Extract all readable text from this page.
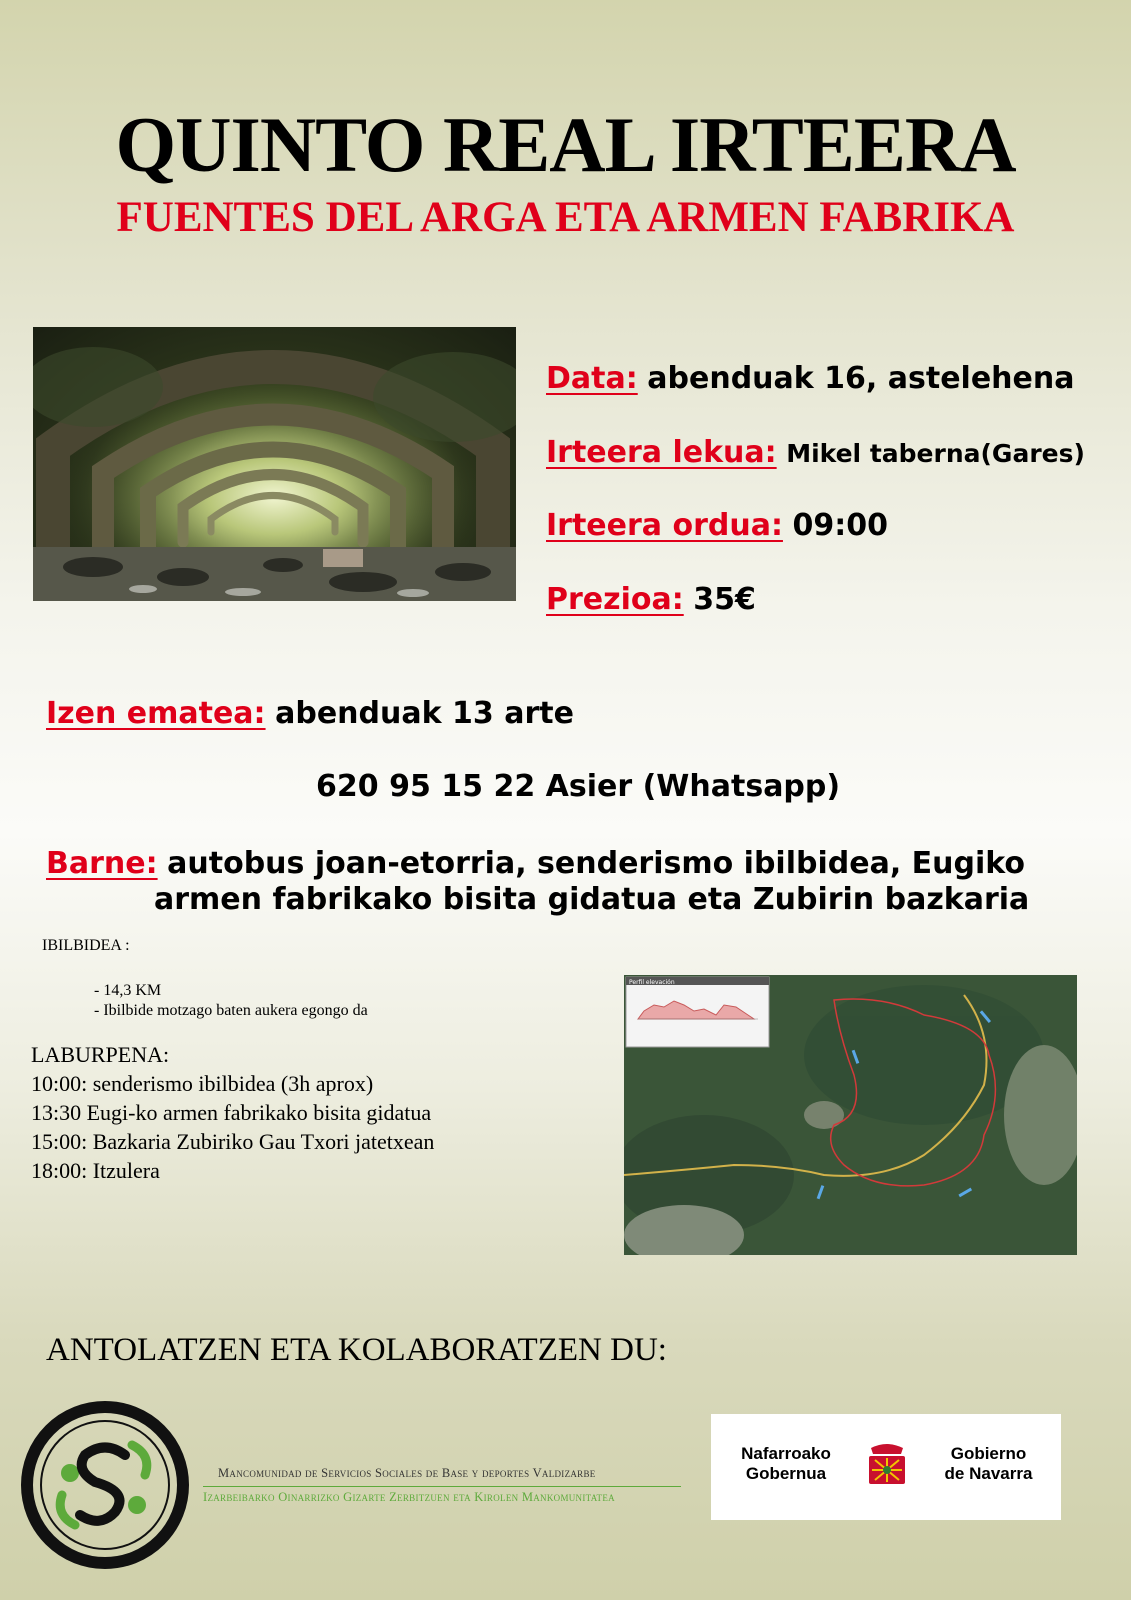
QUINTO REAL IRTEERA
FUENTES DEL ARGA ETA ARMEN FABRIKA
Data: abenduak 16, astelehena
Irteera lekua: Mikel taberna(Gares)
Irteera ordua: 09:00
Prezioa: 35€
Izen ematea: abenduak 13 arte
620 95 15 22 Asier (Whatsapp)
Barne: autobus joan-etorria, senderismo ibilbidea, Eugiko
armen fabrikako bisita gidatua eta Zubirin bazkaria
IBILBIDEA :
- 14,3 KM
- Ibilbide motzago baten aukera egongo da
LABURPENA:
10:00: senderismo ibilbidea (3h aprox)
13:30 Eugi-ko armen fabrikako bisita gidatua
15:00: Bazkaria Zubiriko Gau Txori jatetxean
18:00: Itzulera
Perfil elevación
ANTOLATZEN ETA KOLABORATZEN DU:
Mancomunidad de Servicios Sociales de Base y deportes Valdizarbe
Izarbeibarko Oinarrizko Gizarte Zerbitzuen eta Kirolen Mankomunitatea
Nafarroako
Gobernua
Gobierno
de Navarra
